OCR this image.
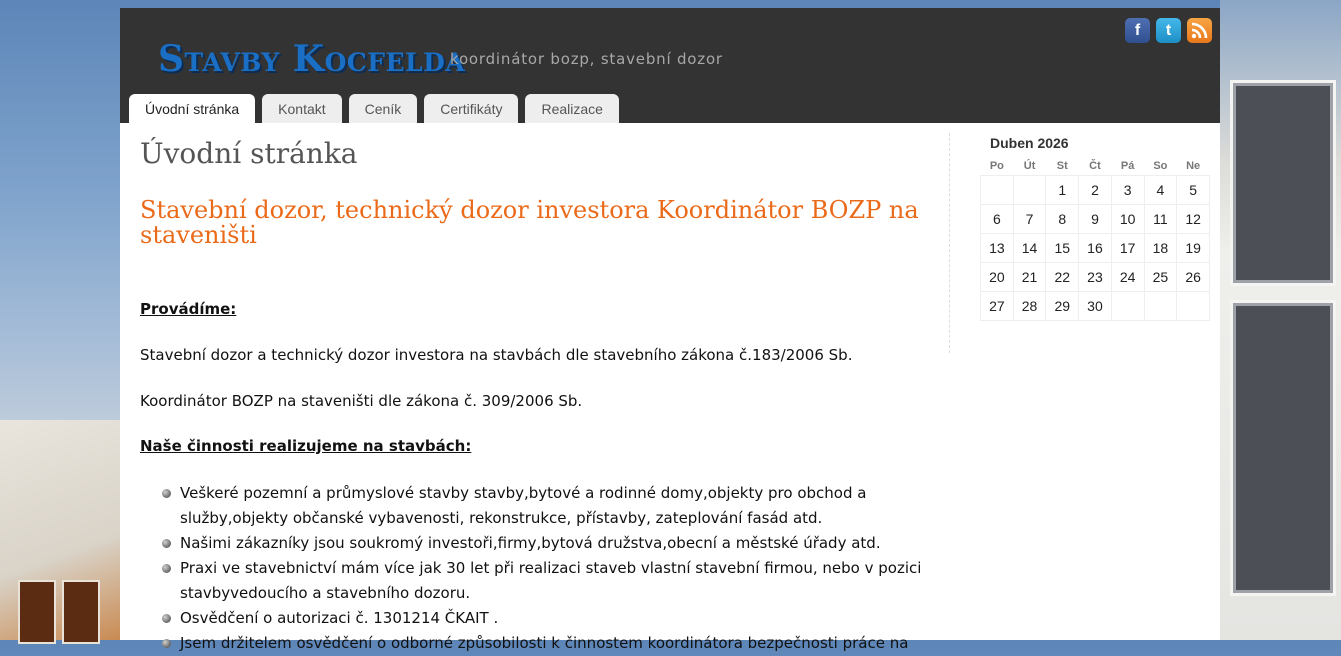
Stavby Kocfelda
koordinátor bozp, stavební dozor
f	t
Úvodní stránka	Kontakt	Ceník	Certifikáty	Realizace
Úvodní stránka
Stavební dozor, technický dozor investora Koordinátor BOZP na staveništi

Provádíme:

Stavební dozor a technický dozor investora na stavbách dle stavebního zákona č.183/2006 Sb.

Koordinátor BOZP na staveništi dle zákona č. 309/2006 Sb.

Naše činnosti realizujeme na stavbách:

Veškeré pozemní a průmyslové stavby stavby,bytové a rodinné domy,objekty pro obchod a služby,objekty občanské vybavenosti, rekonstrukce, přístavby, zateplování fasád atd.
Našimi zákazníky jsou soukromý investoři,firmy,bytová družstva,obecní a městské úřady atd.
Praxi ve stavebnictví mám více jak 30 let při realizaci staveb vlastní stavební firmou, nebo v pozici stavbyvedoucího a stavebního dozoru.
Osvědčení o autorizaci č. 1301214 ČKAIT .
Jsem držitelem osvědčení o odborné způsobilosti k činnostem koordinátora bezpečnosti práce na
Duben 2026
Po	Út	St	Čt	Pá	So	Ne
		1	2	3	4	5
6	7	8	9	10	11	12
13	14	15	16	17	18	19
20	21	22	23	24	25	26
27	28	29	30			
